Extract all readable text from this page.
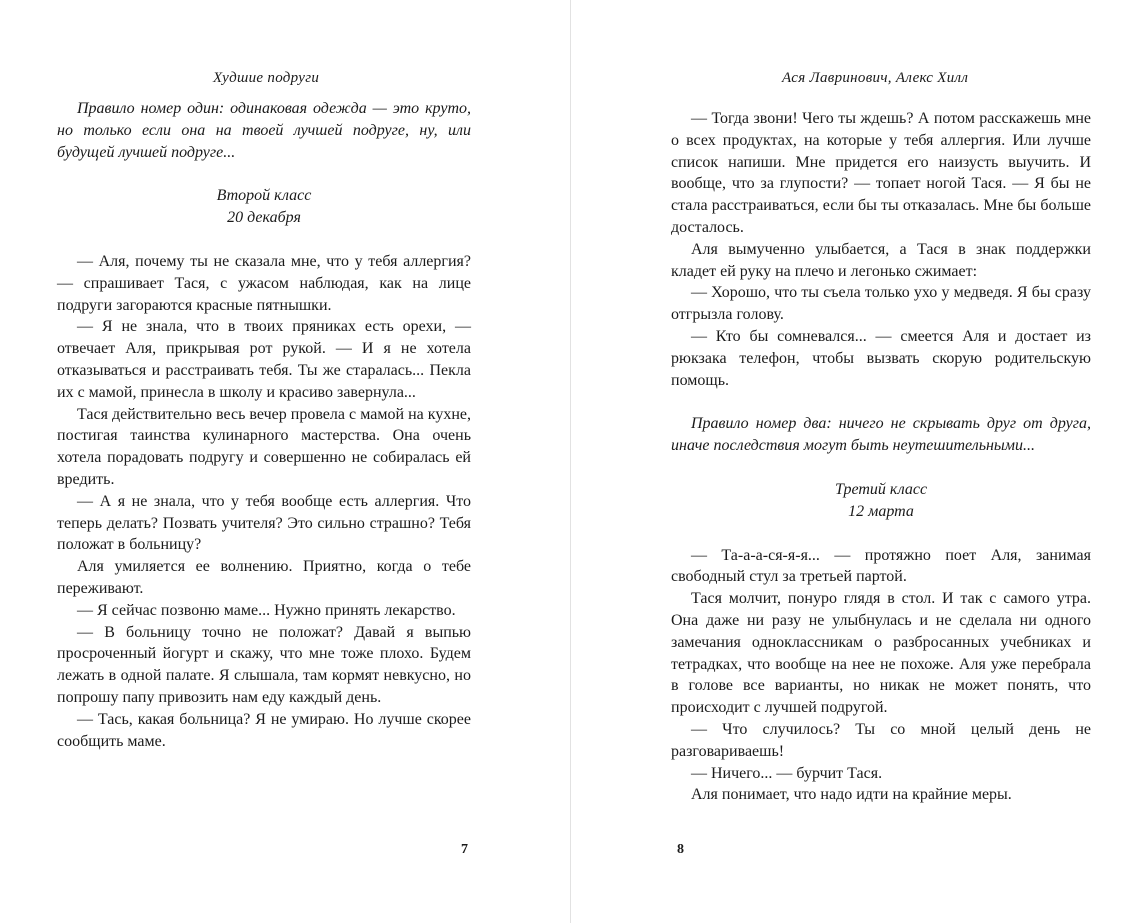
Худшие подруги

Правило номер один: одинаковая одежда — это круто, но только если она на твоей лучшей подруге, ну, или будущей лучшей подруге...

Второй класс
20 декабря

— Аля, почему ты не сказала мне, что у тебя аллергия? — спрашивает Тася, с ужасом наблюдая, как на лице подруги загораются красные пятнышки.

— Я не знала, что в твоих пряниках есть орехи, — отвечает Аля, прикрывая рот рукой. — И я не хотела отказываться и расстраивать тебя. Ты же старалась... Пекла их с мамой, принесла в школу и красиво завернула...

Тася действительно весь вечер провела с мамой на кухне, постигая таинства кулинарного мастерства. Она очень хотела порадовать подругу и совершенно не собиралась ей вредить.

— А я не знала, что у тебя вообще есть аллергия. Что теперь делать? Позвать учителя? Это сильно страшно? Тебя положат в больницу?

Аля умиляется ее волнению. Приятно, когда о тебе переживают.

— Я сейчас позвоню маме... Нужно принять лекарство.

— В больницу точно не положат? Давай я выпью просроченный йогурт и скажу, что мне тоже плохо. Будем лежать в одной палате. Я слышала, там кормят невкусно, но попрошу папу привозить нам еду каждый день.

— Тась, какая больница? Я не умираю. Но лучше скорее сообщить маме.

7
Ася Лавринович, Алекс Хилл

— Тогда звони! Чего ты ждешь? А потом расскажешь мне о всех продуктах, на которые у тебя аллергия. Или лучше список напиши. Мне придется его наизусть выучить. И вообще, что за глупости? — топает ногой Тася. — Я бы не стала расстраиваться, если бы ты отказалась. Мне бы больше досталось.

Аля вымученно улыбается, а Тася в знак поддержки кладет ей руку на плечо и легонько сжимает:

— Хорошо, что ты съела только ухо у медведя. Я бы сразу отгрызла голову.

— Кто бы сомневался... — смеется Аля и достает из рюкзака телефон, чтобы вызвать скорую родительскую помощь.

Правило номер два: ничего не скрывать друг от друга, иначе последствия могут быть неутешительными...

Третий класс
12 марта

— Та-а-а-ся-я-я... — протяжно поет Аля, занимая свободный стул за третьей партой.

Тася молчит, понуро глядя в стол. И так с самого утра. Она даже ни разу не улыбнулась и не сделала ни одного замечания одноклассникам о разбросанных учебниках и тетрадках, что вообще на нее не похоже. Аля уже перебрала в голове все варианты, но никак не может понять, что происходит с лучшей подругой.

— Что случилось? Ты со мной целый день не разговариваешь!

— Ничего... — бурчит Тася.

Аля понимает, что надо идти на крайние меры.

8
